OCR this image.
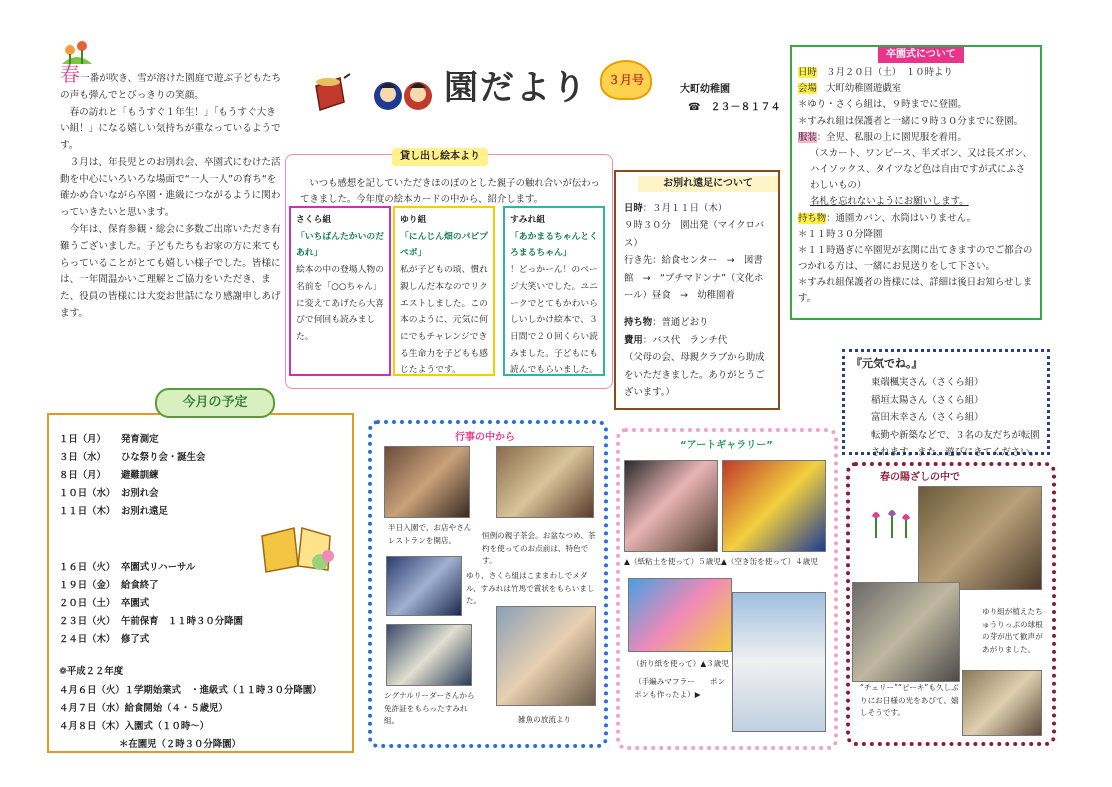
春一番が吹き、雪が溶けた園庭で遊ぶ子どもたちの声も弾んでとびっきりの笑顔。

春の訪れと「もうすぐ１年生！」「もうすぐ大きい組！」になる嬉しい気持ちが重なっているようです。

３月は、年長児とのお別れ会、卒園式にむけた活動を中心にいろいろな場面で“一人一人”の育ち“を確かめ合いながら卒園・進級につながるように関わっていきたいと思います。

今年は、保育参観・総会に多数ご出席いただき有難うございました。子どもたちもお家の方に来てもらっていることがとても嬉しい様子でした。皆様には、一年間温かいご理解とご協力をいただき、また、役員の皆様には大変お世話になり感謝申しあげます。

園だより	３月号
大町幼稚園
☎　２３－８１７４

日時　 ３月２０日（土）　１０時より

会場　 大町幼稚園遊戯室

＊ゆり・さくら組は、９時までに登園。

＊すみれ組は保護者と一緒に９時３０分までに登園。

服装：全児、私服の上に園児服を着用。

（スカート、ワンピース、半ズボン、又は長ズボン、ハイソックス、タイツなど色は自由ですが式にふさわしいもの）

名札を忘れないようにお願いします。

持ち物：通園カバン、水筒はいりません。

＊１１時３０分降園

＊１１時過ぎに卒園児が玄関に出てきますのでご都合のつかれる方は、一緒にお見送りをして下さい。

＊すみれ組保護者の皆様には、詳細は後日お知らせします。

卒園式について
貸し出し絵本より

いつも感想を記していただきほのぼのとした親子の触れ合いが伝わってきました。今年度の絵本カードの中から、紹介します。

さくら組

「いちばんたかいのだあれ」

絵本の中の登場人物の名前を「○○ちゃん」に変えてあげたら大喜びで何回も読みました。

ゆり組

「にんじん畑のパピプペポ」

私が子どもの頃、慣れ親しんだ本なのでリクエストしました。この本のように、元気に何にでもチャレンジできる生命力を子どもも感じたようです。

すみれ組

「あかまるちゃんとくろまるちゃん」

！どっかーん！のページ大笑いでした。ユニークでとてもかわいらしいしかけ絵本で、３日間で２０回くらい読みました。子どもにも読んでもらいました。

日時：３月１１日（木）

９時３０分　園出発（マイクロバス）

行き先：給食センター　→　図書館　→　“プチマドンナ”（文化ホール）昼食　→　幼稚園着

持ち物：普通どおり

費用：バス代　ランチ代

（父母の会、母親クラブから助成をいただきました。ありがとうございます。）

お別れ遠足について

『元気でね。』

東端楓実さん（さくら組）

稲垣太陽さん（さくら組）

富田未幸さん（さくら組）

転勤や新築などで、３名の友だちが転園されます。また、遊びにきてください。

１日（月）	発育測定
３日（水）	ひな祭り会・誕生会
８日（月）	避難訓練
１０日（水） お別れ会
１１日（木） お別れ遠足
１６日（火） 卒園式リハーサル
１９日（金） 給食終了
２０日（土） 卒園式
２３日（火） 午前保育　１１時３０分降園
２４日（木） 修了式

❁平成２２年度

４月６日（火）１学期始業式　・進級式（１１時３０分降園）

４月７日（水）給食開始（４・５歳児）

４月８日（木）入園式（１０時～）

＊在園児（２時３０分降園）

今月の予定
行事の中から

半日入園で、お店やさんレストランを開店。

恒例の親子茶会。お盆なつめ、茶杓を使ってのお点前は、特色です。

ゆり、さくら組はこままわしでメダル、すみれは竹馬で賞状をもらいました。

シグナルリーダーさんから免許証をもらったすみれ組。	雑魚の放流より

“アートギャラリー”

▲（紙粘土を使って）５歳児▲（空き缶を使って）４歳児

（折り紙を使って）▲３歳児

（手編みマフラー　　ポンポンも作ったよ）▶

春の陽ざしの中で

ゆり組が植えたちゅうりっぷの球根の芽が出て歓声があがりました。

“チェリー”“ピーキ”も久しぶりにお日様の光をあびて、嬉しそうです。
